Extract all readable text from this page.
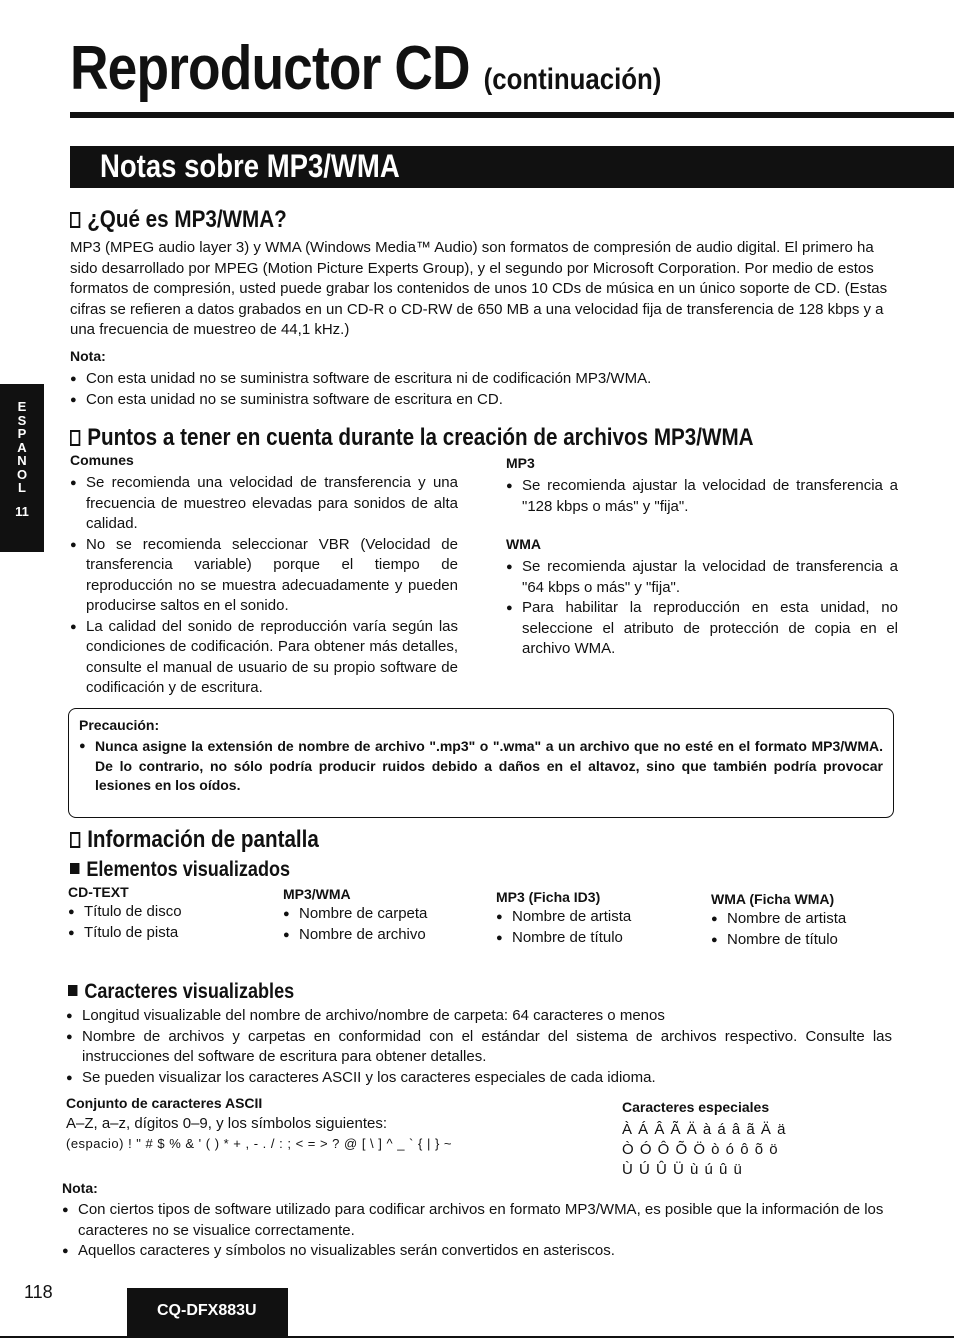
Reproductor CD (continuación)
Notas sobre MP3/WMA
¿Qué es MP3/WMA?
MP3 (MPEG audio layer 3) y WMA (Windows Media™ Audio) son formatos de compresión de audio digital. El primero ha sido desarrollado por MPEG (Motion Picture Experts Group), y el segundo por Microsoft Corporation. Por medio de estos formatos de compresión, usted puede grabar los contenidos de unos 10 CDs de música en un único soporte de CD. (Estas cifras se refieren a datos grabados en un CD-R o CD-RW de 650 MB a una velocidad fija de transferencia de 128 kbps y a una frecuencia de muestreo de 44,1 kHz.)
Nota:
● Con esta unidad no se suministra software de escritura ni de codificación MP3/WMA.
● Con esta unidad no se suministra software de escritura en CD.
E
S
P
A
N
O
L
11
Puntos a tener en cuenta durante la creación de archivos MP3/WMA
Comunes
● Se recomienda una velocidad de transferencia y una frecuencia de muestreo elevadas para sonidos de alta calidad.
● No se recomienda seleccionar VBR (Velocidad de transferencia variable) porque el tiempo de reproducción no se muestra adecuadamente y pueden producirse saltos en el sonido.
● La calidad del sonido de reproducción varía según las condiciones de codificación. Para obtener más detalles, consulte el manual de usuario de su propio software de codificación y de escritura.
MP3
● Se recomienda ajustar la velocidad de transferencia a "128 kbps o más" y "fija".
WMA
● Se recomienda ajustar la velocidad de transferencia a "64 kbps o más" y "fija".
● Para habilitar la reproducción en esta unidad, no seleccione el atributo de protección de copia en el archivo WMA.
Precaución:
● Nunca asigne la extensión de nombre de archivo ".mp3" o ".wma" a un archivo que no esté en el formato MP3/WMA. De lo contrario, no sólo podría producir ruidos debido a daños en el altavoz, sino que también podría provocar lesiones en los oídos.
Información de pantalla
Elementos visualizados
CD-TEXT
● Título de disco
● Título de pista
MP3/WMA
● Nombre de carpeta
● Nombre de archivo
MP3 (Ficha ID3)
● Nombre de artista
● Nombre de título
WMA (Ficha WMA)
● Nombre de artista
● Nombre de título
Caracteres visualizables
● Longitud visualizable del nombre de archivo/nombre de carpeta: 64 caracteres o menos
● Nombre de archivos y carpetas en conformidad con el estándar del sistema de archivos respectivo. Consulte las instrucciones del software de escritura para obtener detalles.
● Se pueden visualizar los caracteres ASCII y los caracteres especiales de cada idioma.
Conjunto de caracteres ASCII
A–Z, a–z, dígitos 0–9, y los símbolos siguientes:
(espacio) ! " # $ % & ' ( ) * + , - . / : ; < = > ? @ [ \ ] ^ _ ` { | } ~
Caracteres especiales
À Á Â Ã Ä à á â ã Ä ä
Ò Ó Ô Õ Ö ò ó ô õ ö
Ù Ú Û Ü ù ú û ü
Nota:
● Con ciertos tipos de software utilizado para codificar archivos en formato MP3/WMA, es posible que la información de los caracteres no se visualice correctamente.
● Aquellos caracteres y símbolos no visualizables serán convertidos en asteriscos.
118
CQ-DFX883U
